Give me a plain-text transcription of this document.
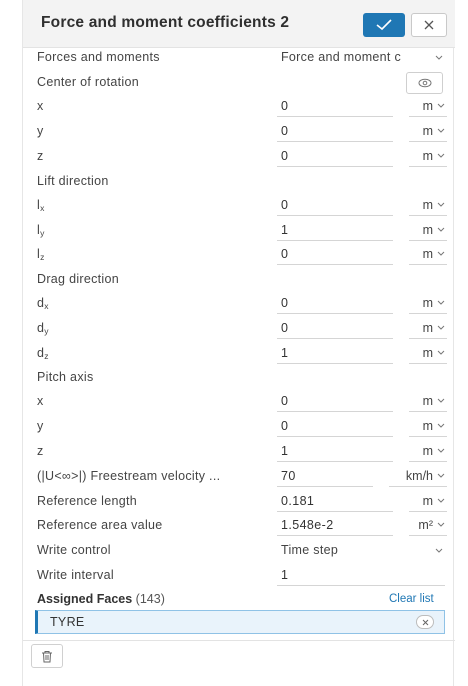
Force and moment coefficients 2
Forces and moments	Force and moment c
Center of rotation
x	0	m
y	0	m
z	0	m
Lift direction
$l_x$	0	m
$l_y$	1	m
$l_z$	0	m
Drag direction
$d_x$	0	m
$d_y$	0	m
$d_z$	1	m
Pitch axis
x	0	m
y	0	m
z	1	m
(|U<∞>|) Freestream velocity ...	70	km/h
Reference length	0.181	m
Reference area value	1.548e-2	m²
Write control	Time step
Write interval	1
Assigned Faces (143)	Clear list
TYRE
